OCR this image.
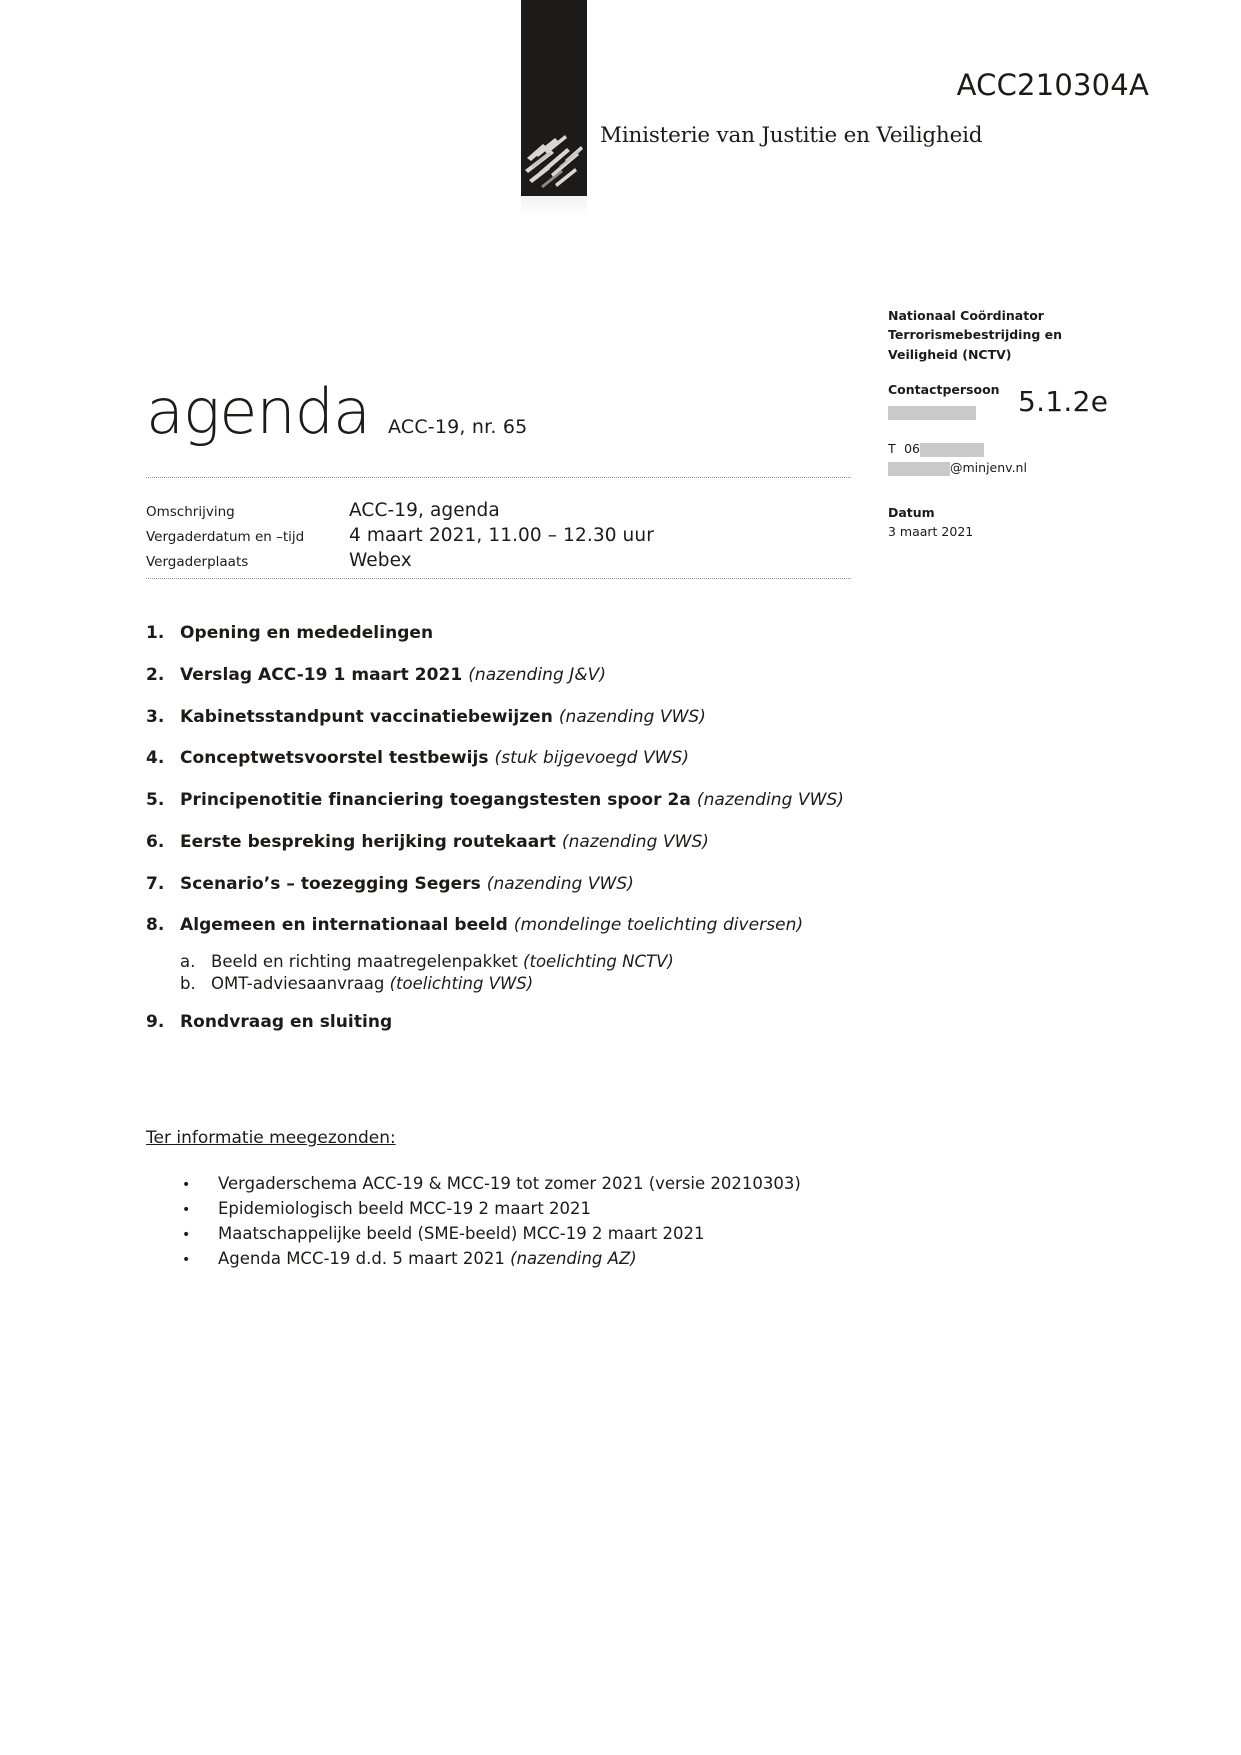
Ministerie van Justitie en Veiligheid
ACC210304A

Nationaal Coördinator Terrorismebestrijding en Veiligheid (NCTV)

Contactpersoon

T 06

@minjenv.nl

Datum

3 maart 2021

5.1.2e
agenda ACC-19, nr. 65
Omschrijving	ACC-19, agenda
Vergaderdatum en –tijd	4 maart 2021, 11.00 – 12.30 uur
Vergaderplaats	Webex
1. Opening en mededelingen
2. Verslag ACC-19 1 maart 2021 (nazending J&V)
3. Kabinetsstandpunt vaccinatiebewijzen (nazending VWS)
4. Conceptwetsvoorstel testbewijs (stuk bijgevoegd VWS)
5. Principenotitie financiering toegangstesten spoor 2a (nazending VWS)
6. Eerste bespreking herijking routekaart (nazending VWS)
7. Scenario’s – toezegging Segers (nazending VWS)
8. Algemeen en internationaal beeld (mondelinge toelichting diversen)
a. Beeld en richting maatregelenpakket (toelichting NCTV)
b. OMT-adviesaanvraag (toelichting VWS)
9. Rondvraag en sluiting
Ter informatie meegezonden:
•	Vergaderschema ACC-19 & MCC-19 tot zomer 2021 (versie 20210303)
•	Epidemiologisch beeld MCC-19 2 maart 2021
•	Maatschappelijke beeld (SME-beeld) MCC-19 2 maart 2021
•	Agenda MCC-19 d.d. 5 maart 2021 (nazending AZ)
